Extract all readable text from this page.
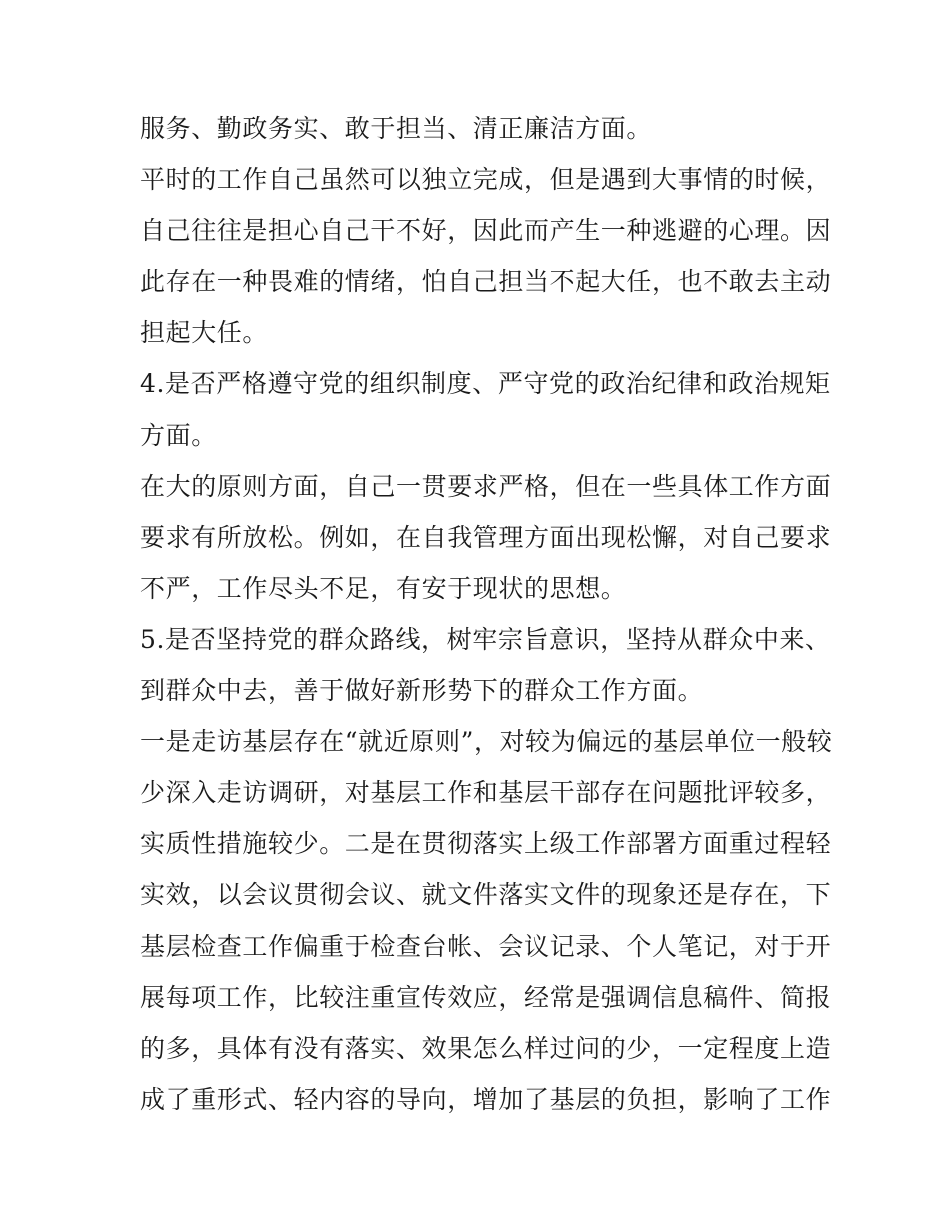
服务、勤政务实、敢于担当、清正廉洁方面。
平时的工作自己虽然可以独立完成，但是遇到大事情的时候，
自己往往是担心自己干不好，因此而产生一种逃避的心理。因
此存在一种畏难的情绪，怕自己担当不起大任，也不敢去主动
担起大任。
4.是否严格遵守党的组织制度、严守党的政治纪律和政治规矩
方面。
在大的原则方面，自己一贯要求严格，但在一些具体工作方面
要求有所放松。例如，在自我管理方面出现松懈，对自己要求
不严，工作尽头不足，有安于现状的思想。
5.是否坚持党的群众路线，树牢宗旨意识，坚持从群众中来、
到群众中去，善于做好新形势下的群众工作方面。
一是走访基层存在“就近原则”，对较为偏远的基层单位一般较
少深入走访调研，对基层工作和基层干部存在问题批评较多，
实质性措施较少。二是在贯彻落实上级工作部署方面重过程轻
实效，以会议贯彻会议、就文件落实文件的现象还是存在，下
基层检查工作偏重于检查台帐、会议记录、个人笔记，对于开
展每项工作，比较注重宣传效应，经常是强调信息稿件、简报
的多，具体有没有落实、效果怎么样过问的少，一定程度上造
成了重形式、轻内容的导向，增加了基层的负担，影响了工作
